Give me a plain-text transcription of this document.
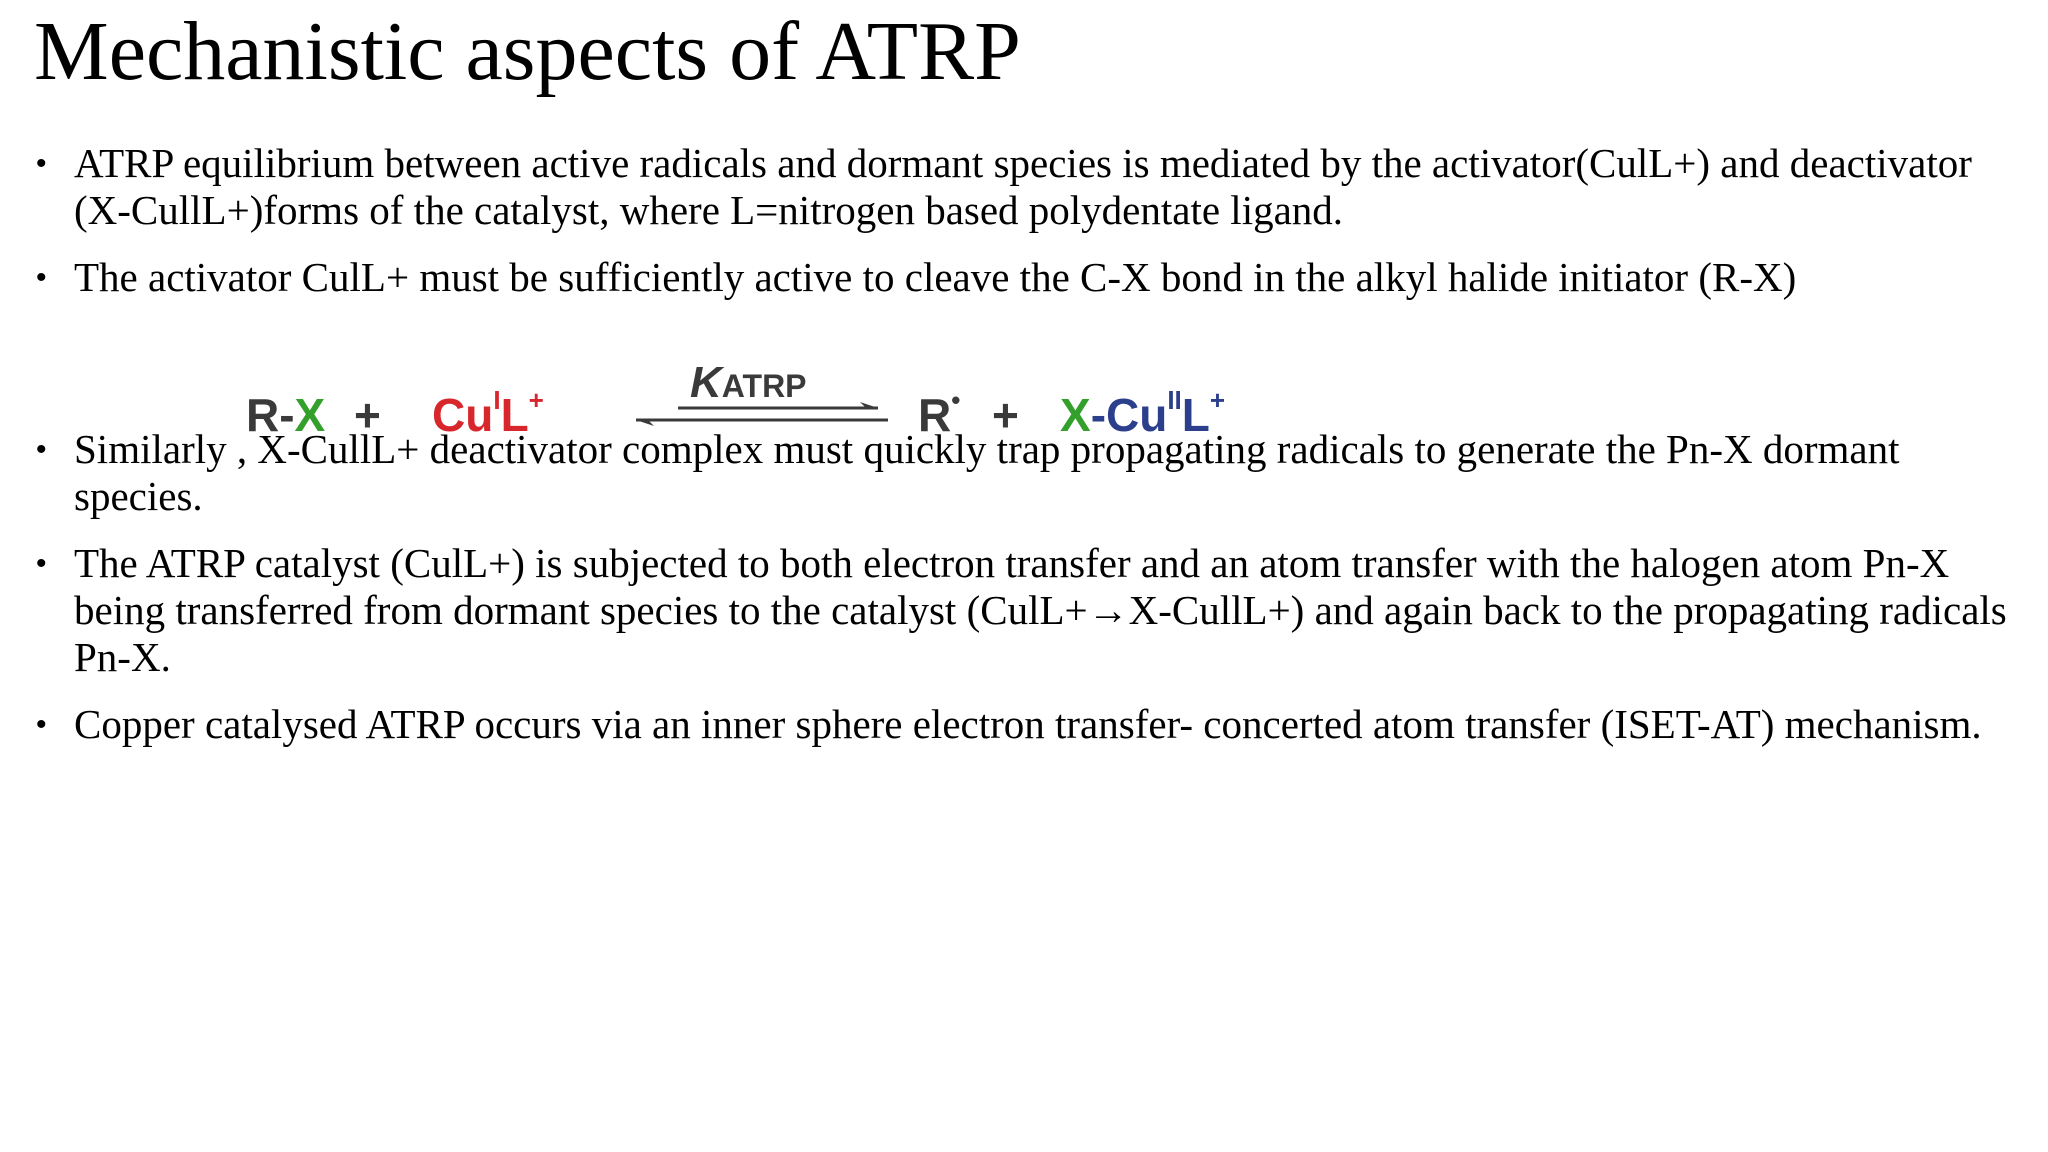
Mechanistic aspects of ATRP
• ATRP equilibrium between active radicals and dormant species is mediated by the activator(CulL+) and deactivator (X-CullL+)forms of the catalyst, where L=nitrogen based polydentate ligand.
• The activator CulL+ must be sufficiently active to cleave the C-X bond in the alkyl halide initiator (R-X)
• Similarly , X-CullL+ deactivator complex must quickly trap propagating radicals to generate the Pn-X dormant species.
• The ATRP catalyst (CulL+) is subjected to both electron transfer and an atom transfer with the halogen atom Pn-X being transferred from dormant species to the catalyst (CulL+→X-CullL+) and again back to the propagating radicals Pn-X.
• Copper catalysed ATRP occurs via an inner sphere electron transfer- concerted atom transfer (ISET-AT) mechanism.
$R-X + Cu^IL^+$	KATRP
$R^• + X-Cu^{II}L^+$
